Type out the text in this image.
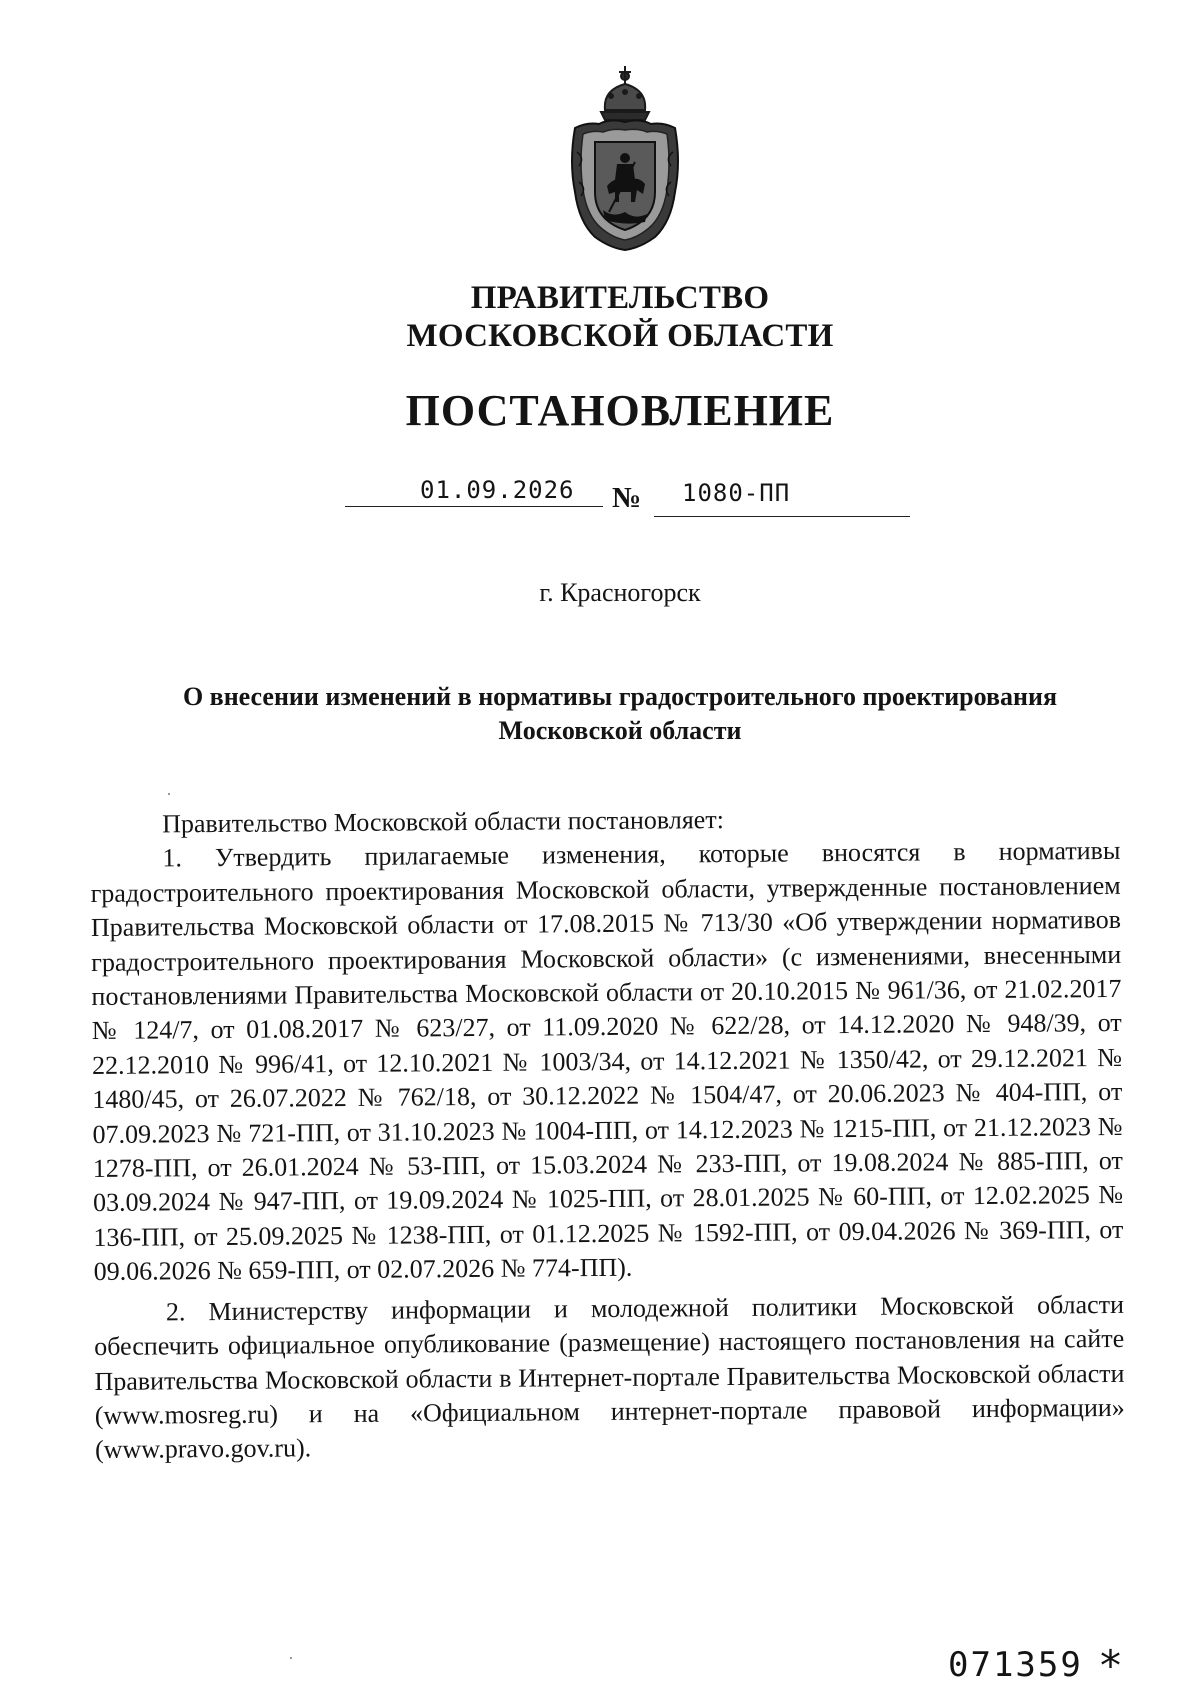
ПРАВИТЕЛЬСТВО
МОСКОВСКОЙ ОБЛАСТИ
ПОСТАНОВЛЕНИЕ
01.09.2026 № 1080-ПП
г. Красногорск
О внесении изменений в нормативы градостроительного проектирования
Московской области

Правительство Московской области постановляет:

1. Утвердить прилагаемые изменения, которые вносятся в нормативы градостроительного проектирования Московской области, утвержденные постановлением Правительства Московской области от 17.08.2015 № 713/30 «Об утверждении нормативов градостроительного проектирования Московской области» (с изменениями, внесенными постановлениями Правительства Московской области от 20.10.2015 № 961/36, от 21.02.2017 № 124/7, от 01.08.2017 № 623/27, от 11.09.2020 № 622/28, от 14.12.2020 № 948/39, от 22.12.2010 № 996/41, от 12.10.2021 № 1003/34, от 14.12.2021 № 1350/42, от 29.12.2021 № 1480/45, от 26.07.2022 № 762/18, от 30.12.2022 № 1504/47, от 20.06.2023 № 404-ПП, от 07.09.2023 № 721-ПП, от 31.10.2023 № 1004-ПП, от 14.12.2023 № 1215-ПП, от 21.12.2023 № 1278-ПП, от 26.01.2024 № 53-ПП, от 15.03.2024 № 233-ПП, от 19.08.2024 № 885-ПП, от 03.09.2024 № 947-ПП, от 19.09.2024 № 1025-ПП, от 28.01.2025 № 60-ПП, от 12.02.2025 № 136-ПП, от 25.09.2025 № 1238-ПП, от 01.12.2025 № 1592-ПП, от 09.04.2026 № 369-ПП, от 09.06.2026 № 659-ПП, от 02.07.2026 № 774-ПП).

2. Министерству информации и молодежной политики Московской области обеспечить официальное опубликование (размещение) настоящего постановления на сайте Правительства Московской области в Интернет-портале Правительства Московской области (www.mosreg.ru) и на «Официальном интернет-портале правовой информации» (www.pravo.gov.ru).

071359 *
